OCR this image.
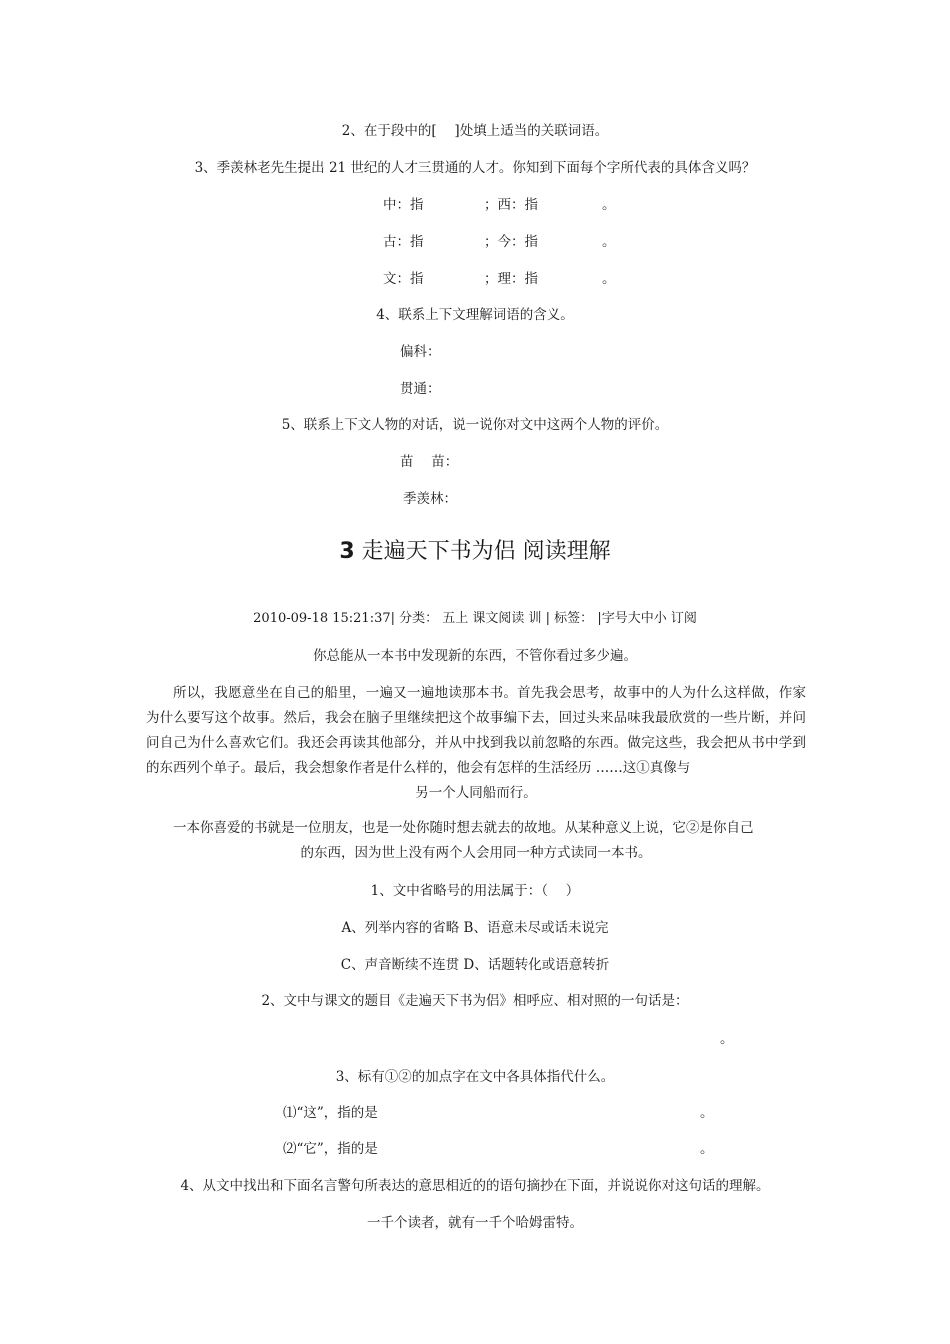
2、在于段中的[　 ]处填上适当的关联词语。
3、季羡林老先生提出 21 世纪的人才三贯通的人才。你知到下面每个字所代表的具体含义吗？
中：指	；西：指	。
古：指	；今：指	。
文：指	；理：指	。
4、联系上下文理解词语的含义。
偏科：
贯通：
5、联系上下文人物的对话，说一说你对文中这两个人物的评价。
苗　 苗：
季羡林：
3 走遍天下书为侣 阅读理解
2010-09-18 15:21:37| 分类： 五上 课文阅读 训 | 标签： |字号大中小 订阅
你总能从一本书中发现新的东西，不管你看过多少遍。
所以，我愿意坐在自己的船里，一遍又一遍地读那本书。首先我会思考，故事中的人为什么这样做，作家为什么要写这个故事。然后，我会在脑子里继续把这个故事编下去，回过头来品味我最欣赏的一些片断，并问问自己为什么喜欢它们。我还会再读其他部分，并从中找到我以前忽略的东西。做完这些，我会把从书中学到的东西列个单子。最后，我会想象作者是什么样的，他会有怎样的生活经历 ……这①真像与
另一个人同船而行。
一本你喜爱的书就是一位朋友，也是一处你随时想去就去的故地。从某种意义上说，它②是你自己
的东西，因为世上没有两个人会用同一种方式读同一本书。
1、文中省略号的用法属于：（　 ）
A、列举内容的省略 B、语意未尽或话未说完
C、声音断续不连贯 D、话题转化或语意转折
2、文中与课文的题目《走遍天下书为侣》相呼应、相对照的一句话是：
。
3、标有①②的加点字在文中各具体指代什么。
⑴“这”，指的是	。
⑵“它”，指的是	。
4、从文中找出和下面名言警句所表达的意思相近的的语句摘抄在下面，并说说你对这句话的理解。
一千个读者，就有一千个哈姆雷特。
